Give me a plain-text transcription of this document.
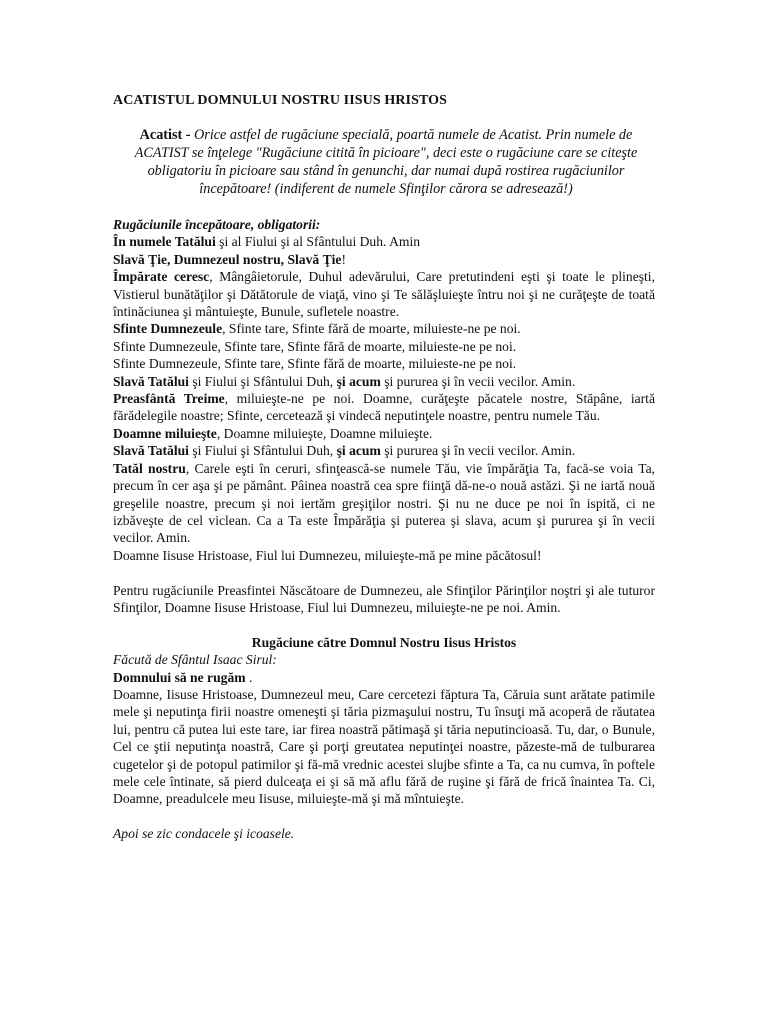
ACATISTUL DOMNULUI NOSTRU IISUS HRISTOS
Acatist - Orice astfel de rugăciune specială, poartă numele de Acatist. Prin numele de ACATIST se înţelege "Rugăciune citită în picioare", deci este o rugăciune care se citeşte obligatoriu în picioare sau stând în genunchi, dar numai după rostirea rugăciunilor începătoare! (indiferent de numele Sfinţilor cărora se adresează!)

Rugăciunile începătoare, obligatorii:

În numele Tatălui şi al Fiului şi al Sfântului Duh. Amin

Slavă Ţie, Dumnezeul nostru, Slavă Ţie!

Împărate ceresc, Mângâietorule, Duhul adevărului, Care pretutindeni eşti şi toate le plineşti, Vistierul bunătăţilor şi Dătătorule de viaţă, vino şi Te sălăşluieşte întru noi şi ne curăţeşte de toată întinăciunea şi mântuieşte, Bunule, sufletele noastre.

Sfinte Dumnezeule, Sfinte tare, Sfinte fără de moarte, miluieste-ne pe noi.

Sfinte Dumnezeule, Sfinte tare, Sfinte fără de moarte, miluieste-ne pe noi.

Sfinte Dumnezeule, Sfinte tare, Sfinte fără de moarte, miluieste-ne pe noi.

Slavă Tatălui şi Fiului şi Sfântului Duh, şi acum şi pururea şi în vecii vecilor. Amin.

Preasfântă Treime, miluieşte-ne pe noi. Doamne, curăţeşte păcatele nostre, Stăpâne, iartă fărădelegile noastre; Sfinte, cercetează şi vindecă neputinţele noastre, pentru numele Tău.

Doamne miluieşte, Doamne miluieşte, Doamne miluieşte.

Slavă Tatălui şi Fiului şi Sfântului Duh, şi acum şi pururea şi în vecii vecilor. Amin.

Tatăl nostru, Carele eşti în ceruri, sfinţească-se numele Tău, vie împărăţia Ta, facă-se voia Ta, precum în cer aşa şi pe pământ. Pâinea noastră cea spre fiinţă dă-ne-o nouă astăzi. Şi ne iartă nouă greşelile noastre, precum şi noi iertăm greşiţilor nostri. Şi nu ne duce pe noi în ispită, ci ne izbăveşte de cel viclean. Ca a Ta este Împărăţia şi puterea şi slava, acum şi pururea şi în vecii vecilor. Amin.

Doamne Iisuse Hristoase, Fiul lui Dumnezeu, miluieşte-mă pe mine păcătosul!

Pentru rugăciunile Preasfintei Născătoare de Dumnezeu, ale Sfinţilor Părinţilor noştri şi ale tuturor Sfinţilor, Doamne Iisuse Hristoase, Fiul lui Dumnezeu, miluieşte-ne pe noi. Amin.

Rugăciune către Domnul Nostru Iisus Hristos

Făcută de Sfântul Isaac Sirul:

Domnului să ne rugăm .

Doamne, Iisuse Hristoase, Dumnezeul meu, Care cercetezi făptura Ta, Căruia sunt arătate patimile mele şi neputinţa firii noastre omeneşti şi tăria pizmaşului nostru, Tu însuţi mă acoperă de răutatea lui, pentru că putea lui este tare, iar firea noastră pătimaşă şi tăria neputincioasă. Tu, dar, o Bunule, Cel ce ştii neputinţa noastră, Care şi porţi greutatea neputinţei noastre, păzeste-mă de tulburarea cugetelor şi de potopul patimilor şi fă-mă vrednic acestei slujbe sfinte a Ta, ca nu cumva, în poftele mele cele întinate, să pierd dulceaţa ei şi să mă aflu fără de ruşine şi fără de frică înaintea Ta. Ci, Doamne, preadulcele meu Iisuse, miluieşte-mă şi mă mîntuieşte.

Apoi se zic condacele şi icoasele.
